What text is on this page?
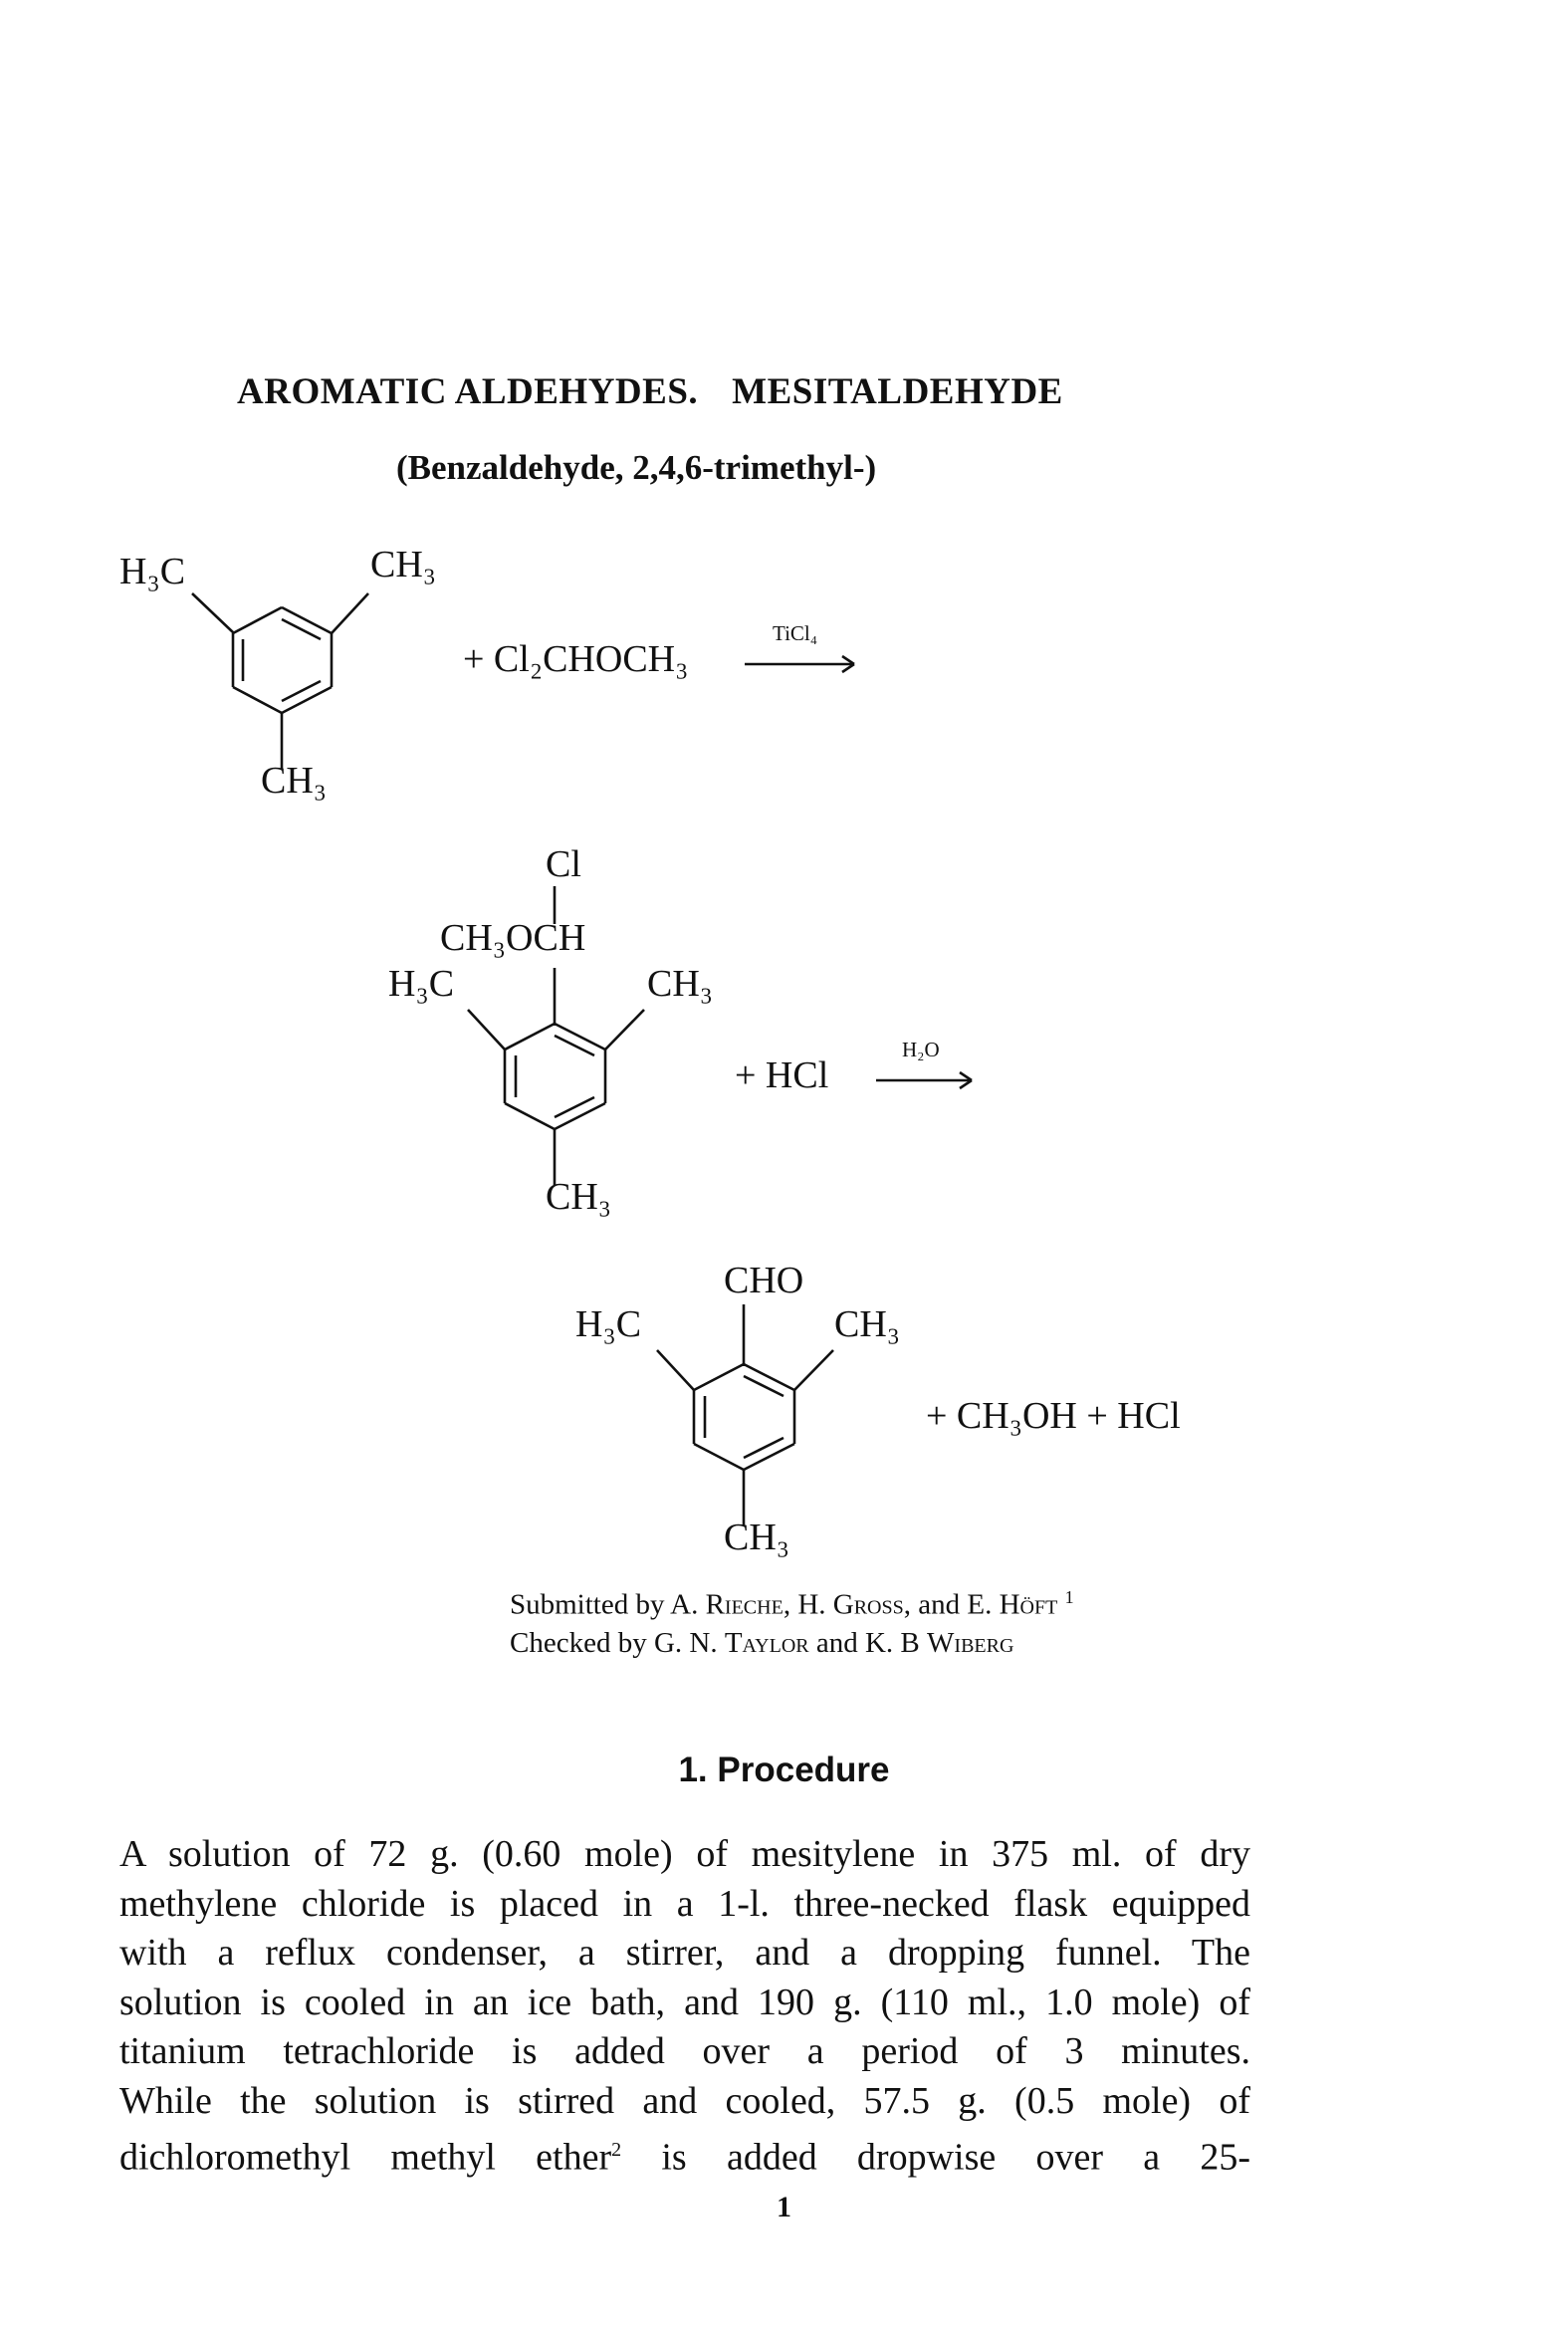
AROMATIC ALDEHYDES. MESITALDEHYDE
(Benzaldehyde, 2,4,6-trimethyl-)
H₃C	CH₃
CH₃
+ Cl₂CHOCH₃
TiCl₄
Cl
CH₃OCH
H₃C	CH₃
CH₃
+ HCl
H₂O
CHO
H₃C	CH₃
CH₃
+ CH₃OH + HCl
Submitted by A. Rieche, H. Gross, and E. Höft $^1$
Checked by G. N. Taylor and K. B Wiberg
1. Procedure
A solution of 72 g. (0.60 mole) of mesitylene in 375 ml. of dry
methylene chloride is placed in a 1-l. three-necked flask equipped
with a reflux condenser, a stirrer, and a dropping funnel. The
solution is cooled in an ice bath, and 190 g. (110 ml., 1.0 mole) of
titanium tetrachloride is added over a period of 3 minutes.
While the solution is stirred and cooled, 57.5 g. (0.5 mole) of
dichloromethyl methyl ether$^2$ is added dropwise over a 25-
1
